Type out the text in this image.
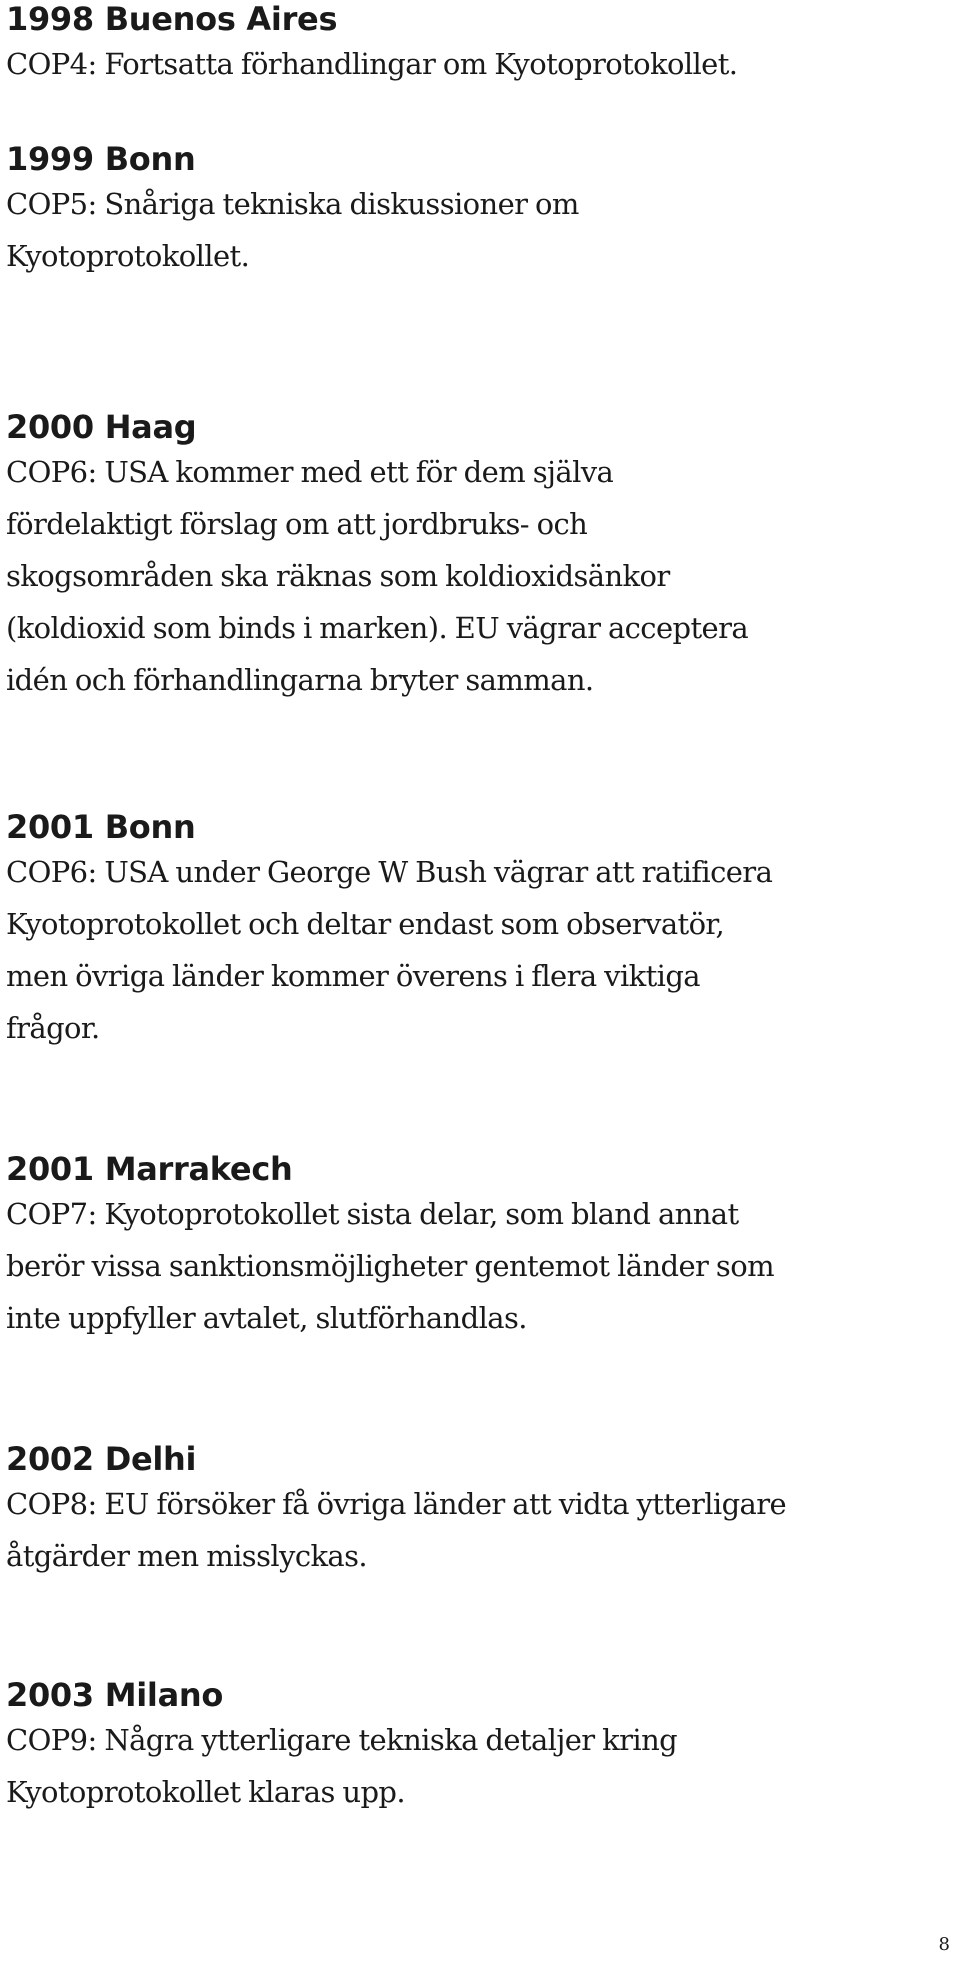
1998 Buenos Aires

COP4: Fortsatta förhandlingar om Kyotoprotokollet.

1999 Bonn

COP5: Snåriga tekniska diskussioner om
Kyotoprotokollet.

2000 Haag

COP6: USA kommer med ett för dem själva
fördelaktigt förslag om att jordbruks- och
skogsområden ska räknas som koldioxidsänkor
(koldioxid som binds i marken). EU vägrar acceptera
idén och förhandlingarna bryter samman.

2001 Bonn

COP6: USA under George W Bush vägrar att ratificera
Kyotoprotokollet och deltar endast som observatör,
men övriga länder kommer överens i flera viktiga
frågor.

2001 Marrakech

COP7: Kyotoprotokollet sista delar, som bland annat
berör vissa sanktionsmöjligheter gentemot länder som
inte uppfyller avtalet, slutförhandlas.

2002 Delhi

COP8: EU försöker få övriga länder att vidta ytterligare
åtgärder men misslyckas.

2003 Milano

COP9: Några ytterligare tekniska detaljer kring
Kyotoprotokollet klaras upp.

8
